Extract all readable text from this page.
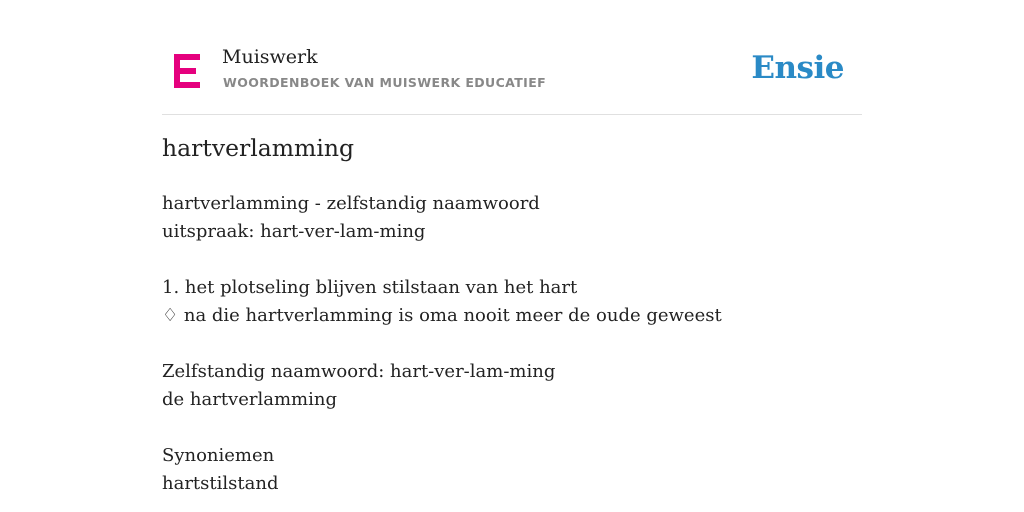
Muiswerk
WOORDENBOEK VAN MUISWERK EDUCATIEF	Ensie
hartverlamming
hartverlamming - zelfstandig naamwoord
uitspraak: hart-ver-lam-ming
1. het plotseling blijven stilstaan van het hart
♢ na die hartverlamming is oma nooit meer de oude geweest
Zelfstandig naamwoord: hart-ver-lam-ming
de hartverlamming
Synoniemen
hartstilstand
